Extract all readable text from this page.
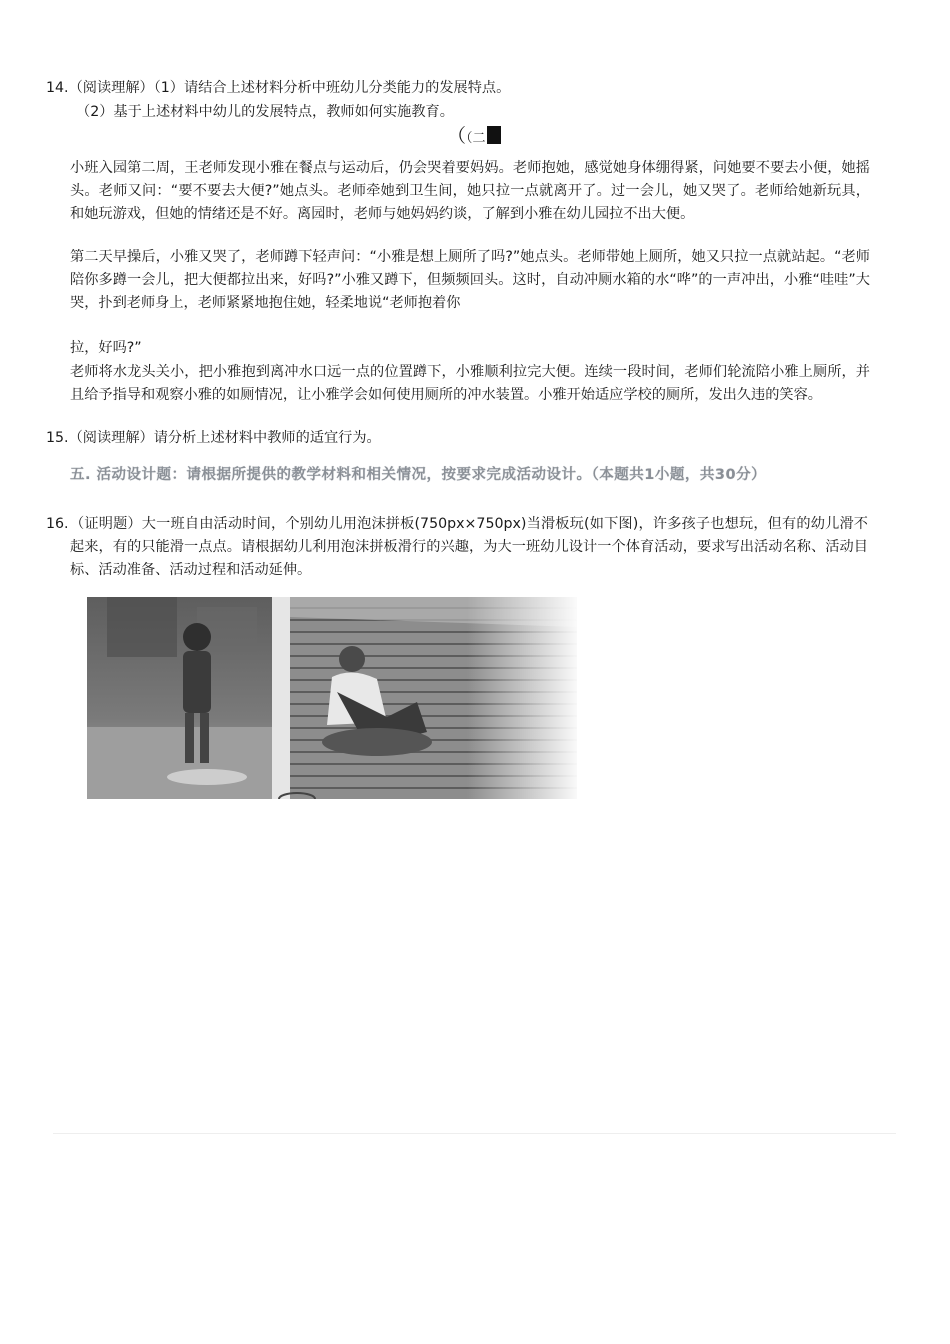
14.（阅读理解）（1）请结合上述材料分析中班幼儿分类能力的发展特点。
（2）基于上述材料中幼儿的发展特点，教师如何实施教育。
（（二
小班入园第二周，王老师发现小雅在餐点与运动后，仍会哭着要妈妈。老师抱她，感觉她身体绷得紧，问她要不要去小便，她摇头。老师又问：“要不要去大便?”她点头。老师牵她到卫生间，她只拉一点就离开了。过一会儿，她又哭了。老师给她新玩具，和她玩游戏，但她的情绪还是不好。离园时，老师与她妈妈约谈，了解到小雅在幼儿园拉不出大便。
第二天早操后，小雅又哭了，老师蹲下轻声问：“小雅是想上厕所了吗?”她点头。老师带她上厕所，她又只拉一点就站起。“老师陪你多蹲一会儿，把大便都拉出来，好吗?”小雅又蹲下，但频频回头。这时，自动冲厕水箱的水“哗”的一声冲出，小雅“哇哇”大哭，扑到老师身上，老师紧紧地抱住她，轻柔地说“老师抱着你
拉，好吗?”
老师将水龙头关小，把小雅抱到离冲水口远一点的位置蹲下，小雅顺利拉完大便。连续一段时间，老师们轮流陪小雅上厕所，并且给予指导和观察小雅的如厕情况，让小雅学会如何使用厕所的冲水装置。小雅开始适应学校的厕所，发出久违的笑容。
15.（阅读理解）请分析上述材料中教师的适宜行为。
五. 活动设计题：请根据所提供的教学材料和相关情况，按要求完成活动设计。（本题共1小题，共30分）
16. （证明题）大一班自由活动时间，个别幼儿用泡沫拼板(750px×750px)当滑板玩(如下图)，许多孩子也想玩，但有的幼儿滑不起来，有的只能滑一点点。请根据幼儿利用泡沫拼板滑行的兴趣，为大一班幼儿设计一个体育活动，要求写出活动名称、活动目标、活动准备、活动过程和活动延伸。
